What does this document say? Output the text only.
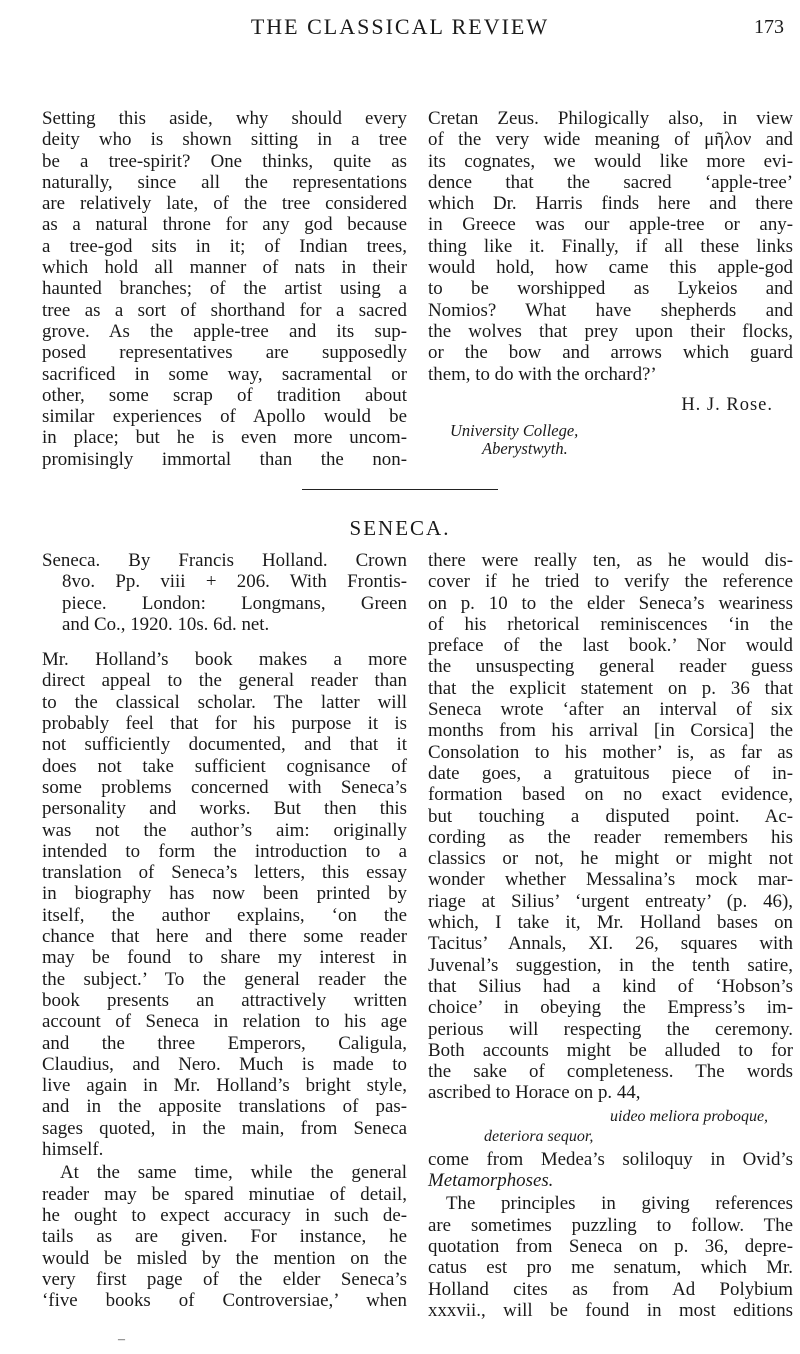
THE CLASSICAL REVIEW	173

Setting this aside, why should every
deity who is shown sitting in a tree
be a tree-spirit? One thinks, quite as
naturally, since all the representations
are relatively late, of the tree considered
as a natural throne for any god because
a tree-god sits in it; of Indian trees,
which hold all manner of nats in their
haunted branches; of the artist using a
tree as a sort of shorthand for a sacred
grove. As the apple-tree and its sup-
posed representatives are supposedly
sacrificed in some way, sacramental or
other, some scrap of tradition about
similar experiences of Apollo would be
in place; but he is even more uncom-
promisingly immortal than the non-

Cretan Zeus. Philogically also, in view
of the very wide meaning of μῆλον and
its cognates, we would like more evi-
dence that the sacred ‘apple-tree’
which Dr. Harris finds here and there
in Greece was our apple-tree or any-
thing like it. Finally, if all these links
would hold, how came this apple-god
to be worshipped as Lykeios and
Nomios? What have shepherds and
the wolves that prey upon their flocks,
or the bow and arrows which guard
them, to do with the orchard?’

H. J. Rose.
University College,
Aberystwyth.
SENECA.

Seneca. By Francis Holland. Crown
8vo. Pp. viii + 206. With Frontis-
piece. London: Longmans, Green
and Co., 1920. 10s. 6d. net.

Mr. Holland’s book makes a more
direct appeal to the general reader than
to the classical scholar. The latter will
probably feel that for his purpose it is
not sufficiently documented, and that it
does not take sufficient cognisance of
some problems concerned with Seneca’s
personality and works. But then this
was not the author’s aim: originally
intended to form the introduction to a
translation of Seneca’s letters, this essay
in biography has now been printed by
itself, the author explains, ‘on the
chance that here and there some reader
may be found to share my interest in
the subject.’ To the general reader the
book presents an attractively written
account of Seneca in relation to his age
and the three Emperors, Caligula,
Claudius, and Nero. Much is made to
live again in Mr. Holland’s bright style,
and in the apposite translations of pas-
sages quoted, in the main, from Seneca
himself.

At the same time, while the general
reader may be spared minutiae of detail,
he ought to expect accuracy in such de-
tails as are given. For instance, he
would be misled by the mention on the
very first page of the elder Seneca’s
‘five books of Controversiae,’ when

there were really ten, as he would dis-
cover if he tried to verify the reference
on p. 10 to the elder Seneca’s weariness
of his rhetorical reminiscences ‘in the
preface of the last book.’ Nor would
the unsuspecting general reader guess
that the explicit statement on p. 36 that
Seneca wrote ‘after an interval of six
months from his arrival [in Corsica] the
Consolation to his mother’ is, as far as
date goes, a gratuitous piece of in-
formation based on no exact evidence,
but touching a disputed point. Ac-
cording as the reader remembers his
classics or not, he might or might not
wonder whether Messalina’s mock mar-
riage at Silius’ ‘urgent entreaty’ (p. 46),
which, I take it, Mr. Holland bases on
Tacitus’ Annals, XI. 26, squares with
Juvenal’s suggestion, in the tenth satire,
that Silius had a kind of ‘Hobson’s
choice’ in obeying the Empress’s im-
perious will respecting the ceremony.
Both accounts might be alluded to for
the sake of completeness. The words
ascribed to Horace on p. 44,

uideo meliora proboque,
deteriora sequor,

come from Medea’s soliloquy in Ovid’s
Metamorphoses.

The principles in giving references
are sometimes puzzling to follow. The
quotation from Seneca on p. 36, depre-
catus est pro me senatum, which Mr.
Holland cites as from Ad Polybium
xxxvii., will be found in most editions

–
